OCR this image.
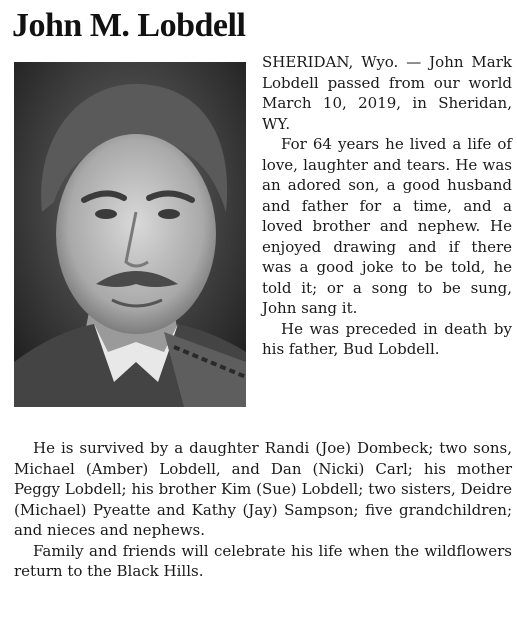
John M. Lobdell

SHERIDAN, Wyo. — John Mark Lobdell passed from our world March 10, 2019, in Sheridan, WY.

For 64 years he lived a life of love, laughter and tears. He was an adored son, a good husband and father for a time, and a loved brother and nephew. He enjoyed drawing and if there was a good joke to be told, he told it; or a song to be sung, John sang it.

He was preceded in death by his father, Bud Lobdell.

He is survived by a daughter Randi (Joe) Dombeck; two sons, Michael (Amber) Lobdell, and Dan (Nicki) Carl; his mother Peggy Lobdell; his brother Kim (Sue) Lobdell; two sisters, Deidre (Michael) Pyeatte and Kathy (Jay) Sampson; five grandchildren; and nieces and nephews.

Family and friends will celebrate his life when the wildflowers return to the Black Hills.
